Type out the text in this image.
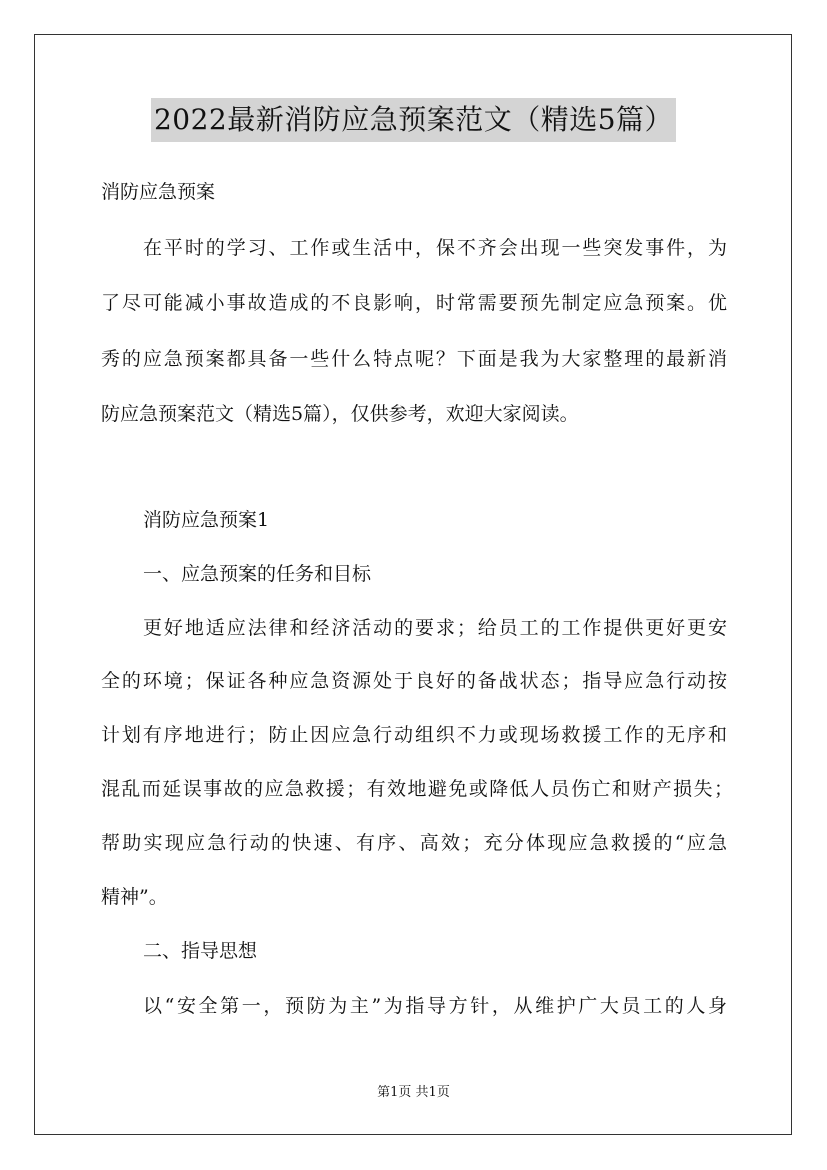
2022最新消防应急预案范文（精选5篇）
消防应急预案
在平时的学习、工作或生活中，保不齐会出现一些突发事件，为
了尽可能减小事故造成的不良影响，时常需要预先制定应急预案。优
秀的应急预案都具备一些什么特点呢？下面是我为大家整理的最新消
防应急预案范文（精选5篇），仅供参考，欢迎大家阅读。
消防应急预案1
一、应急预案的任务和目标
更好地适应法律和经济活动的要求；给员工的工作提供更好更安
全的环境；保证各种应急资源处于良好的备战状态；指导应急行动按
计划有序地进行；防止因应急行动组织不力或现场救援工作的无序和
混乱而延误事故的应急救援；有效地避免或降低人员伤亡和财产损失；
帮助实现应急行动的快速、有序、高效；充分体现应急救援的“应急
精神”。
二、指导思想
以“安全第一，预防为主”为指导方针，从维护广大员工的人身
第1页 共1页
